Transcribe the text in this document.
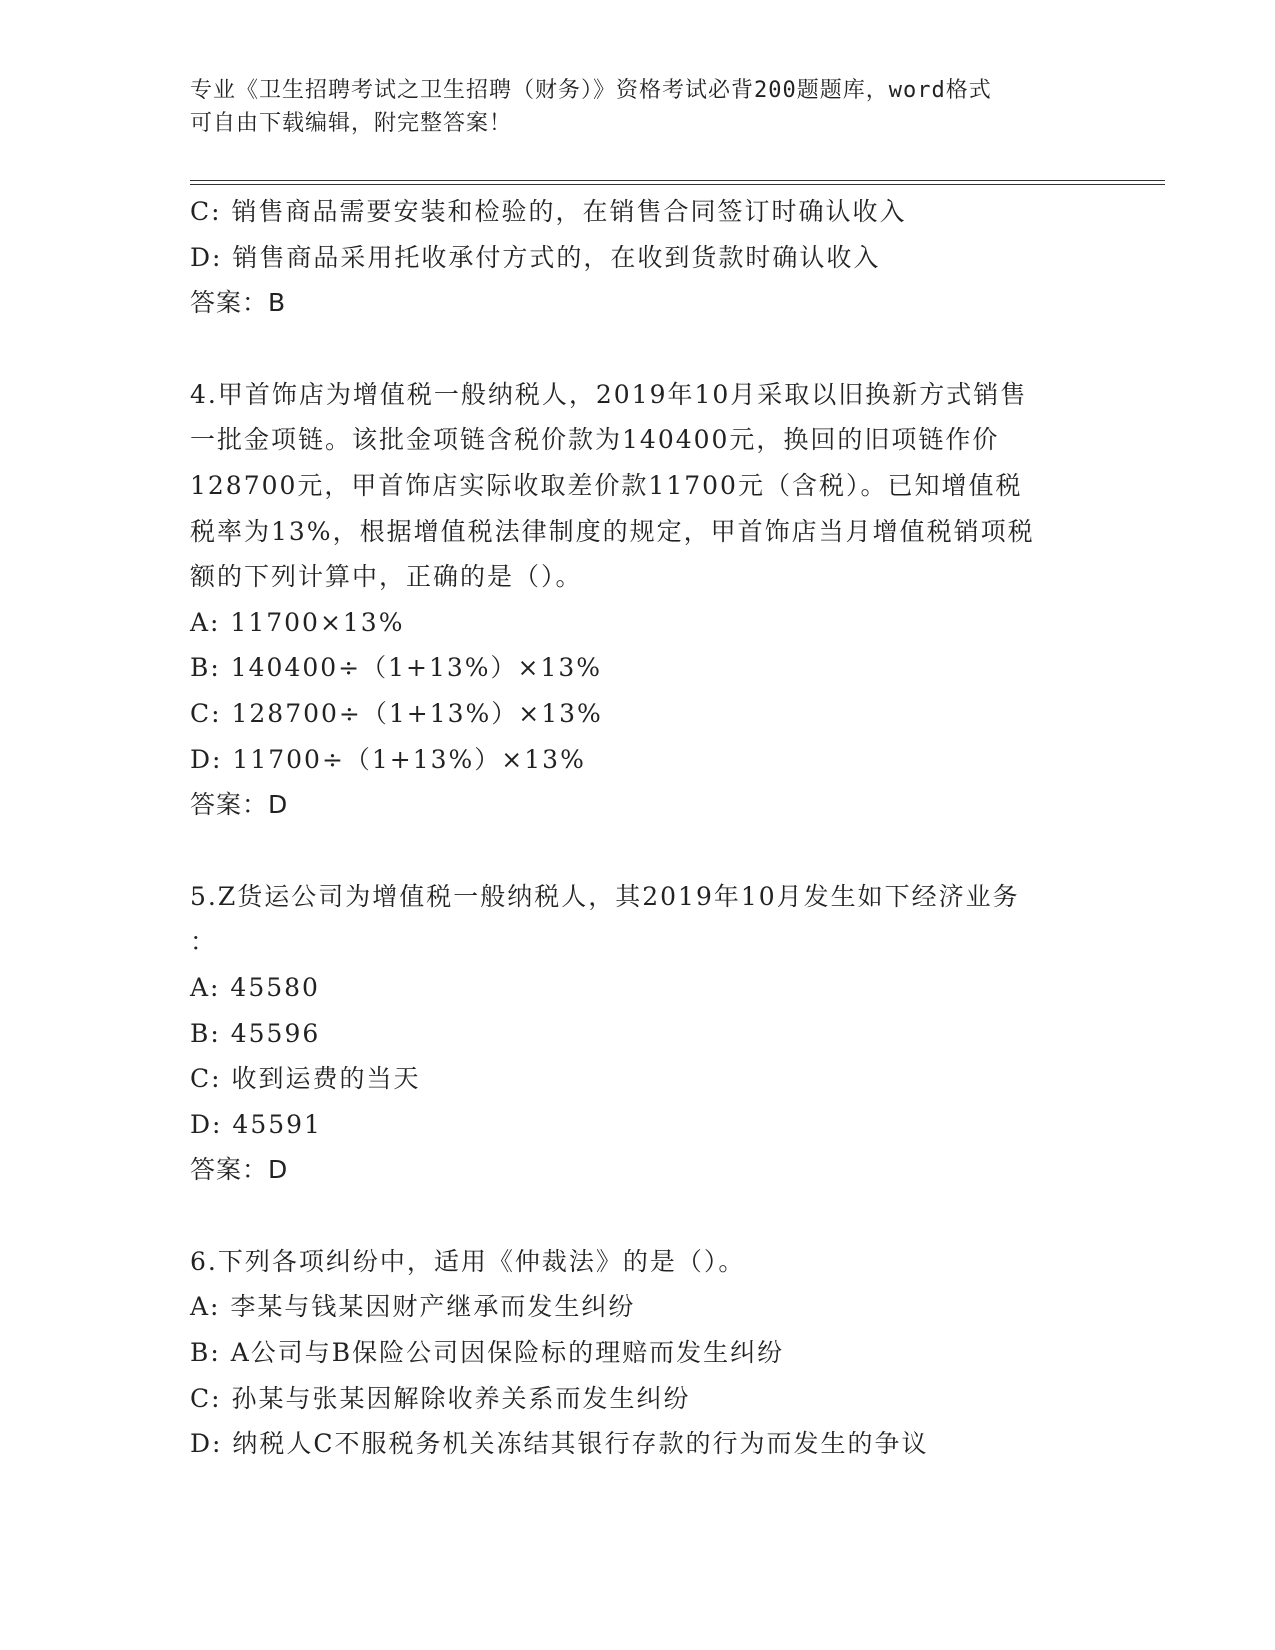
专业《卫生招聘考试之卫生招聘（财务）》资格考试必背200题题库，word格式
可自由下载编辑，附完整答案！
C: 销售商品需要安装和检验的，在销售合同签订时确认收入
D: 销售商品采用托收承付方式的，在收到货款时确认收入
答案：B
4.甲首饰店为增值税一般纳税人，2019年10月采取以旧换新方式销售
一批金项链。该批金项链含税价款为140400元，换回的旧项链作价
128700元，甲首饰店实际收取差价款11700元（含税）。已知增值税
税率为13%，根据增值税法律制度的规定，甲首饰店当月增值税销项税
额的下列计算中，正确的是（）。
A: 11700×13%
B: 140400÷（1+13%）×13%
C: 128700÷（1+13%）×13%
D: 11700÷（1+13%）×13%
答案：D
5.Z货运公司为增值税一般纳税人，其2019年10月发生如下经济业务
：
A: 45580
B: 45596
C: 收到运费的当天
D: 45591
答案：D
6.下列各项纠纷中，适用《仲裁法》的是（）。
A: 李某与钱某因财产继承而发生纠纷
B: A公司与B保险公司因保险标的理赔而发生纠纷
C: 孙某与张某因解除收养关系而发生纠纷
D: 纳税人C不服税务机关冻结其银行存款的行为而发生的争议
